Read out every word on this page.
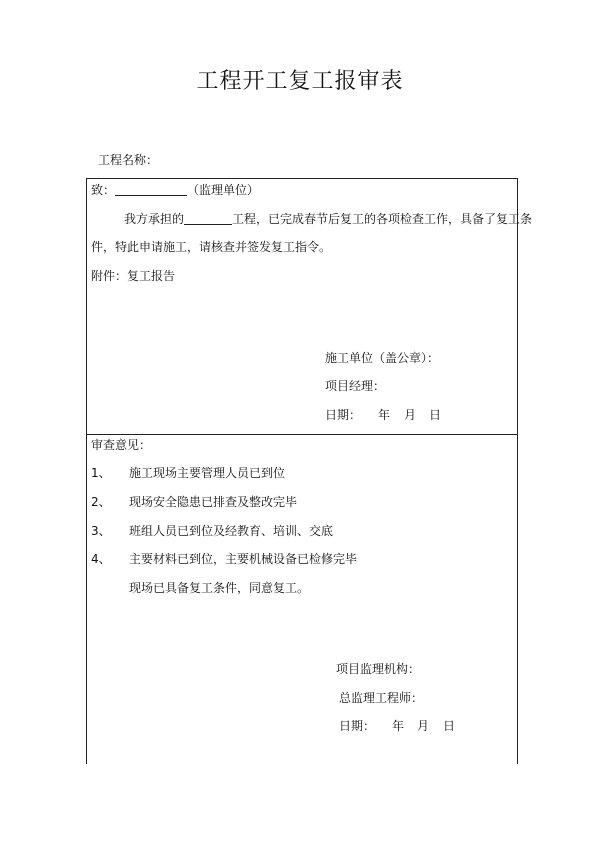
工程开工复工报审表
工程名称：
致：	（监理单位）
我方承担的	工程，已完成春节后复工的各项检查工作，具备了复工条
件，特此申请施工，请核查并签发复工指令。
附件：复工报告
施工单位（盖公章）：
项目经理：
日期： 年 月 日
审查意见：
1、 施工现场主要管理人员已到位
2、 现场安全隐患已排查及整改完毕
3、 班组人员已到位及经教育、培训、交底
4、 主要材料已到位，主要机械设备已检修完毕
现场已具备复工条件，同意复工。
项目监理机构：
总监理工程师：
日期： 年 月 日
